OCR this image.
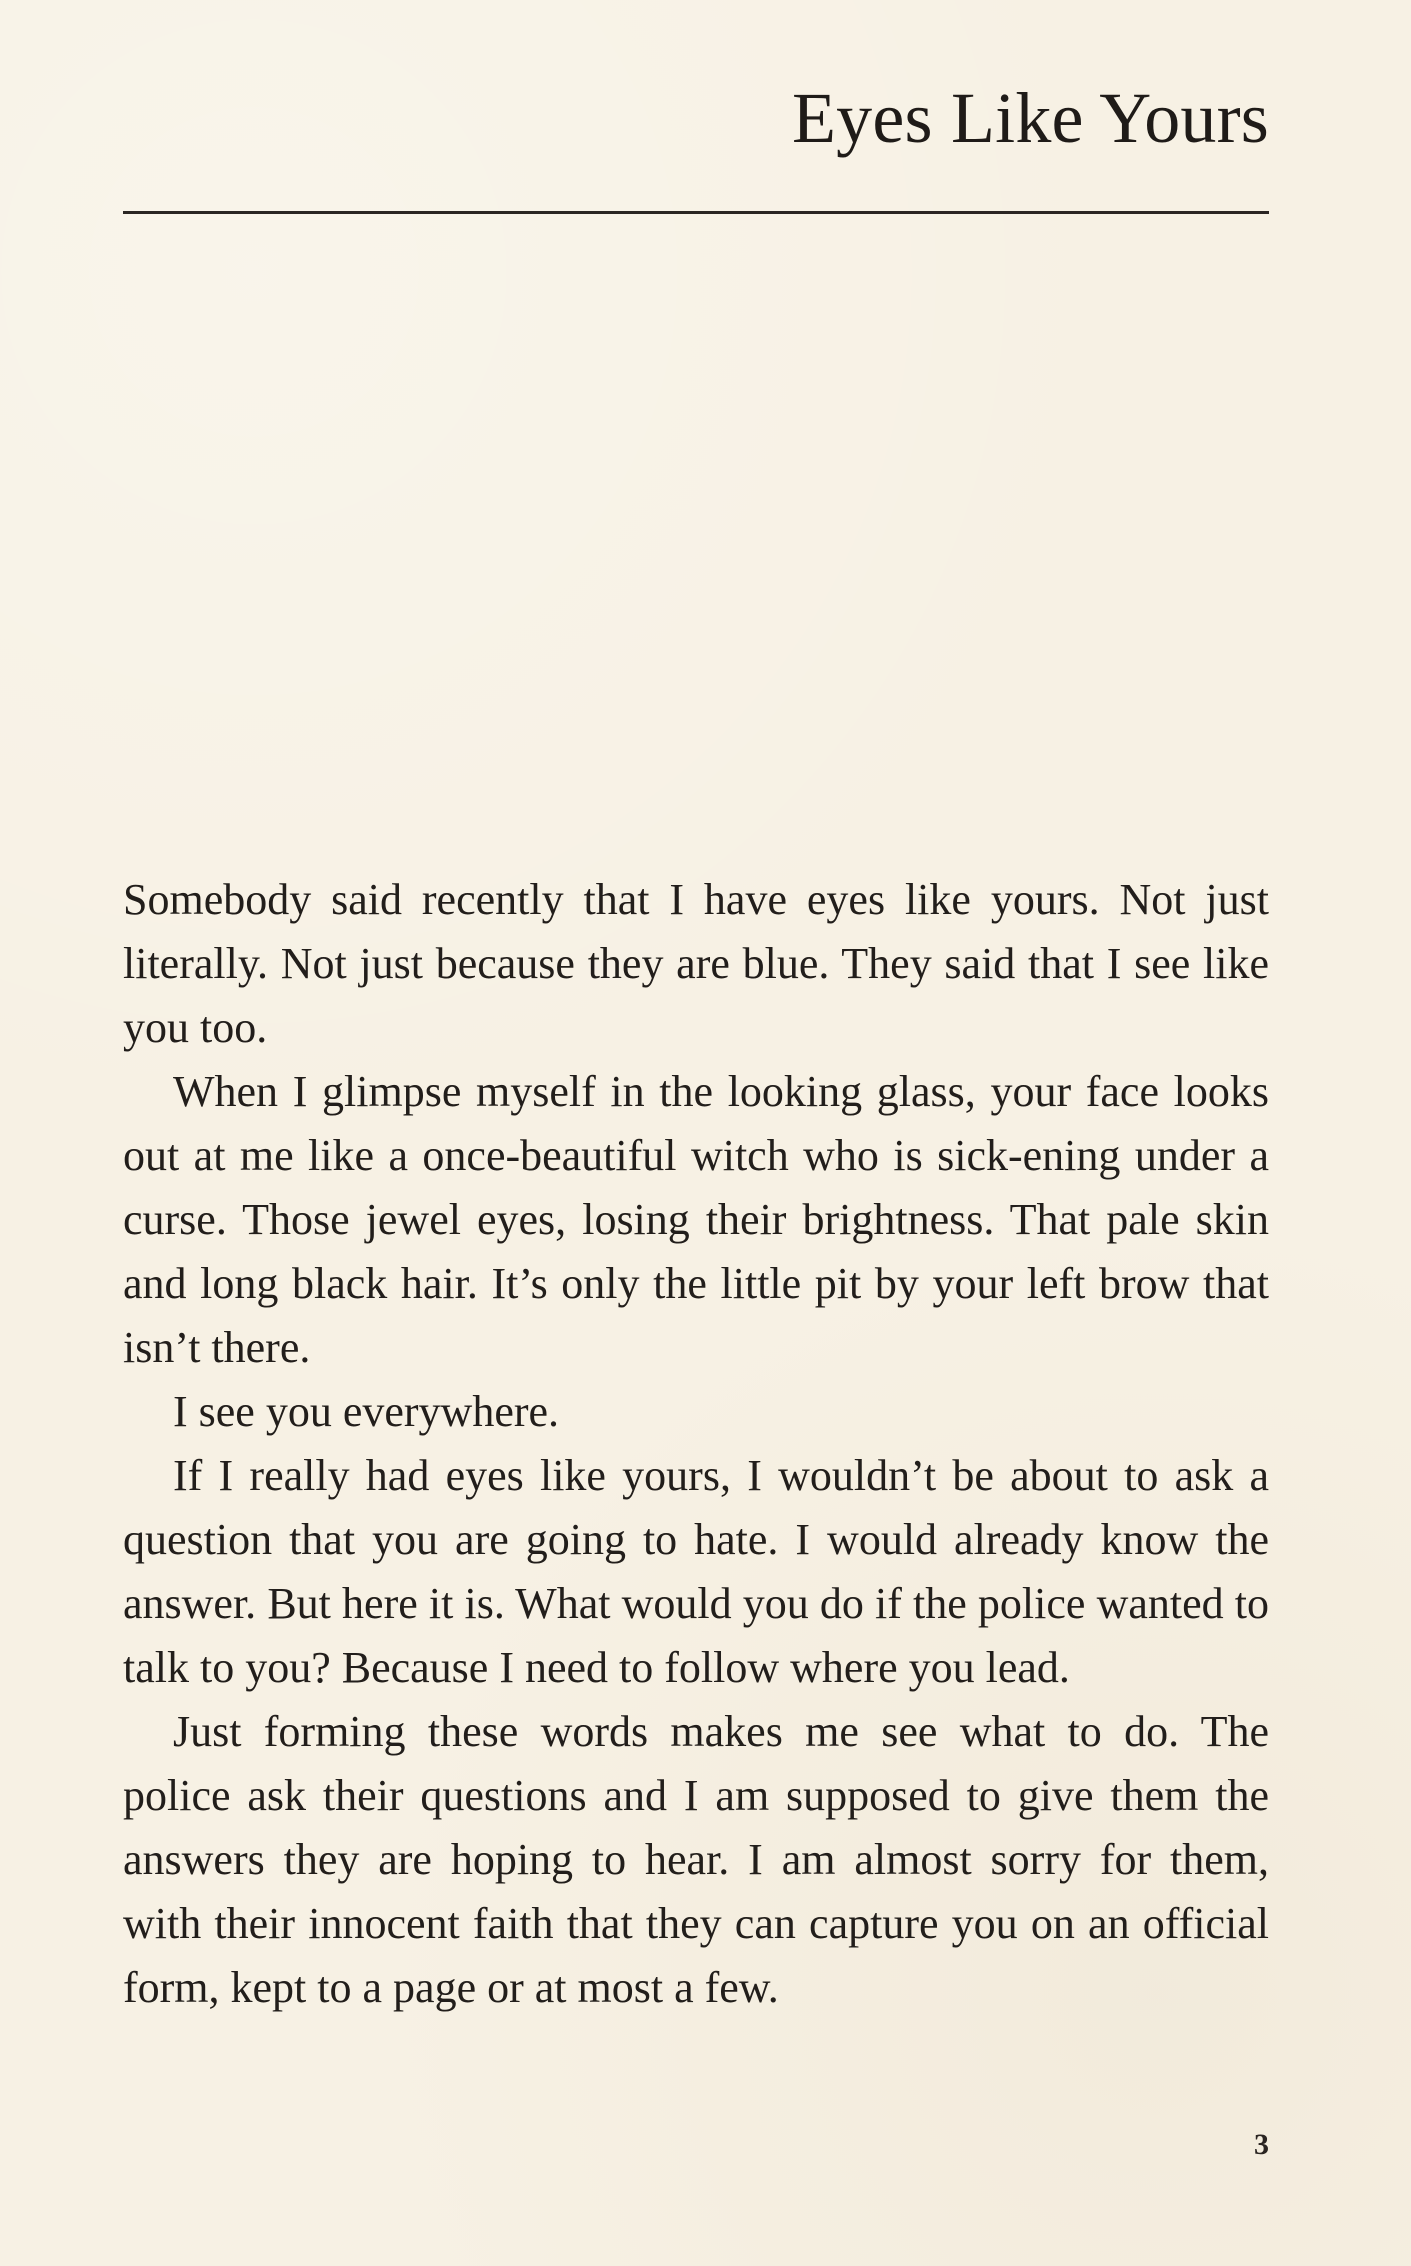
Eyes Like Yours

Somebody said recently that I have eyes like yours. Not just literally. Not just because they are blue. They said that I see like you too.

When I glimpse myself in the looking glass, your face looks out at me like a once-beautiful witch who is sick-ening under a curse. Those jewel eyes, losing their brightness. That pale skin and long black hair. It’s only the little pit by your left brow that isn’t there.

I see you everywhere.

If I really had eyes like yours, I wouldn’t be about to ask a question that you are going to hate. I would already know the answer. But here it is. What would you do if the police wanted to talk to you? Because I need to follow where you lead.

Just forming these words makes me see what to do. The police ask their questions and I am supposed to give them the answers they are hoping to hear. I am almost sorry for them, with their innocent faith that they can capture you on an official form, kept to a page or at most a few.

3
